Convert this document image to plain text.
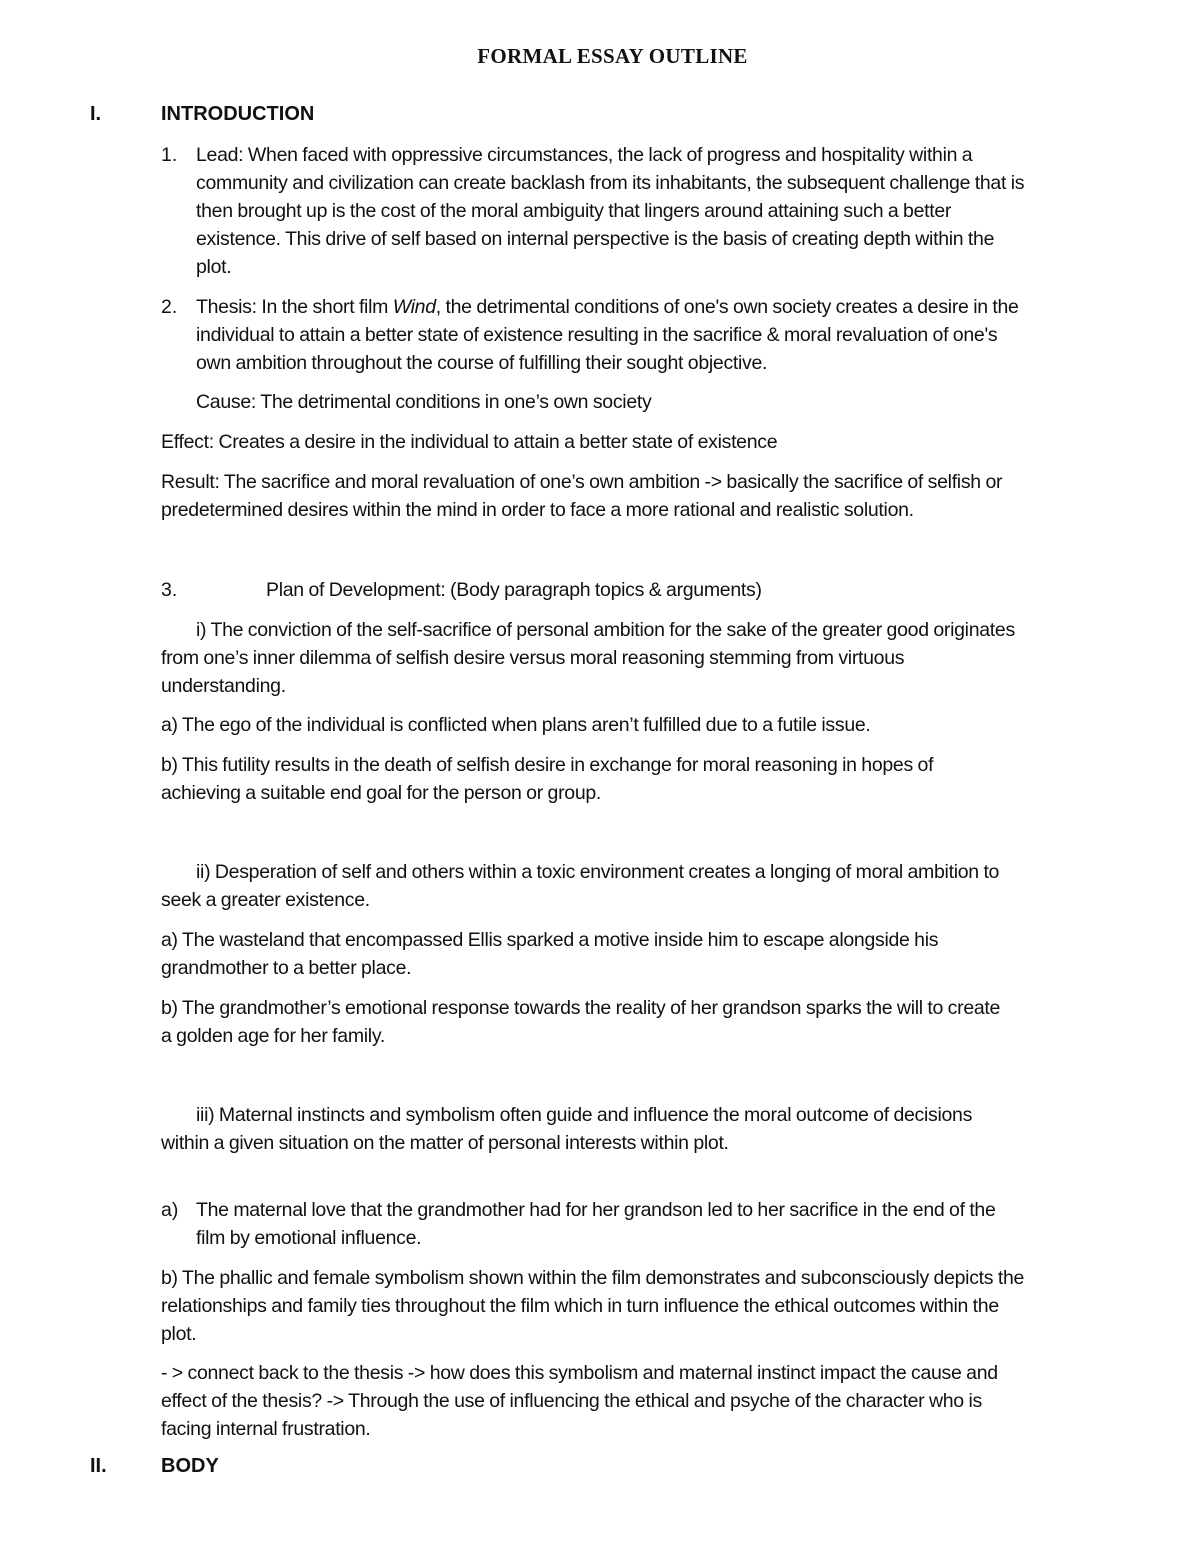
FORMAL ESSAY OUTLINE
I.	INTRODUCTION
1. Lead: When faced with oppressive circumstances, the lack of progress and hospitality within a community and civilization can create backlash from its inhabitants, the subsequent challenge that is then brought up is the cost of the moral ambiguity that lingers around attaining such a better existence. This drive of self based on internal perspective is the basis of creating depth within the plot.

2. Thesis: In the short film Wind, the detrimental conditions of one's own society creates a desire in the individual to attain a better state of existence resulting in the sacrifice & moral revaluation of one's own ambition throughout the course of fulfilling their sought objective.

Cause: The detrimental conditions in one’s own society

Effect: Creates a desire in the individual to attain a better state of existence

Result: The sacrifice and moral revaluation of one’s own ambition -> basically the sacrifice of selfish or predetermined desires within the mind in order to face a more rational and realistic solution.

3.	Plan of Development: (Body paragraph topics & arguments)

i) The conviction of the self-sacrifice of personal ambition for the sake of the greater good originates from one’s inner dilemma of selfish desire versus moral reasoning stemming from virtuous understanding.

a) The ego of the individual is conflicted when plans aren’t fulfilled due to a futile issue.

b) This futility results in the death of selfish desire in exchange for moral reasoning in hopes of achieving a suitable end goal for the person or group.

ii) Desperation of self and others within a toxic environment creates a longing of moral ambition to seek a greater existence.

a) The wasteland that encompassed Ellis sparked a motive inside him to escape alongside his grandmother to a better place.

b) The grandmother’s emotional response towards the reality of her grandson sparks the will to create a golden age for her family.

iii) Maternal instincts and symbolism often guide and influence the moral outcome of decisions within a given situation on the matter of personal interests within plot.

a) The maternal love that the grandmother had for her grandson led to her sacrifice in the end of the film by emotional influence.

b) The phallic and female symbolism shown within the film demonstrates and subconsciously depicts the relationships and family ties throughout the film which in turn influence the ethical outcomes within the plot.

- > connect back to the thesis -> how does this symbolism and maternal instinct impact the cause and effect of the thesis? -> Through the use of influencing the ethical and psyche of the character who is facing internal frustration.

II.	BODY
